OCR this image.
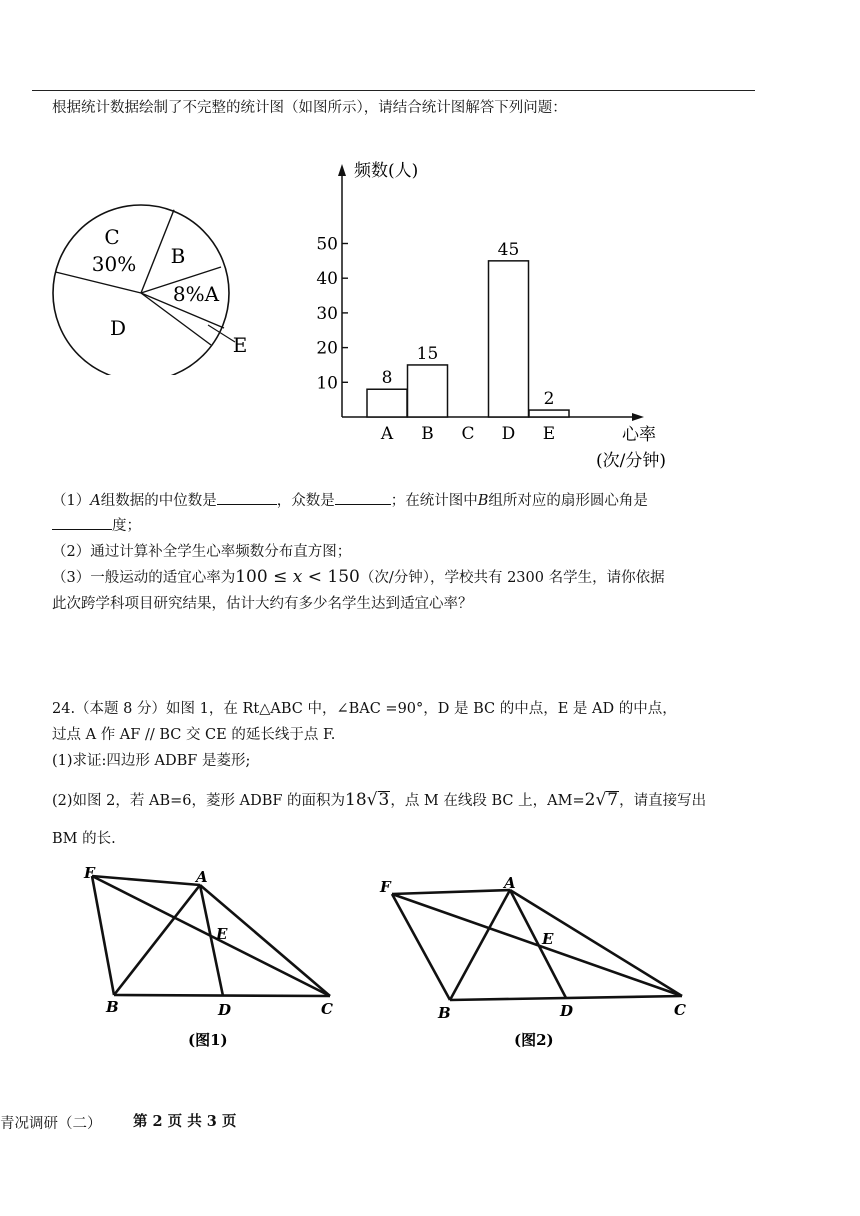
根据统计数据绘制了不完整的统计图（如图所示），请结合统计图解答下列问题：
C
30% B
8%A
D
E
频数(人)
心率
(次/分钟)
10
20
30
40
50
8
A
15
B C
45
D
2
E
（1）A组数据的中位数是	，众数是	；在统计图中B组所对应的扇形圆心角是
度；
（2）通过计算补全学生心率频数分布直方图；
（3）一般运动的适宜心率为100 ≤ x < 150（次/分钟），学校共有 2300 名学生，请你依据
此次跨学科项目研究结果，估计大约有多少名学生达到适宜心率？
24.（本题 8 分）如图 1，在 Rt△ABC 中，∠BAC =90°，D 是 BC 的中点，E 是 AD 的中点，
过点 A 作 AF // BC 交 CE 的延长线于点 F.
(1)求证:四边形 ADBF 是菱形;
(2)如图 2，若 AB=6，菱形 ADBF 的面积为18√3，点 M 在线段 BC 上，AM=2√7，请直接写出
BM 的长.
F	A
E
B	D	C
(图1)
F	A
E
B	D	C
(图2)
青况调研（二） 第 2 页 共 3 页
